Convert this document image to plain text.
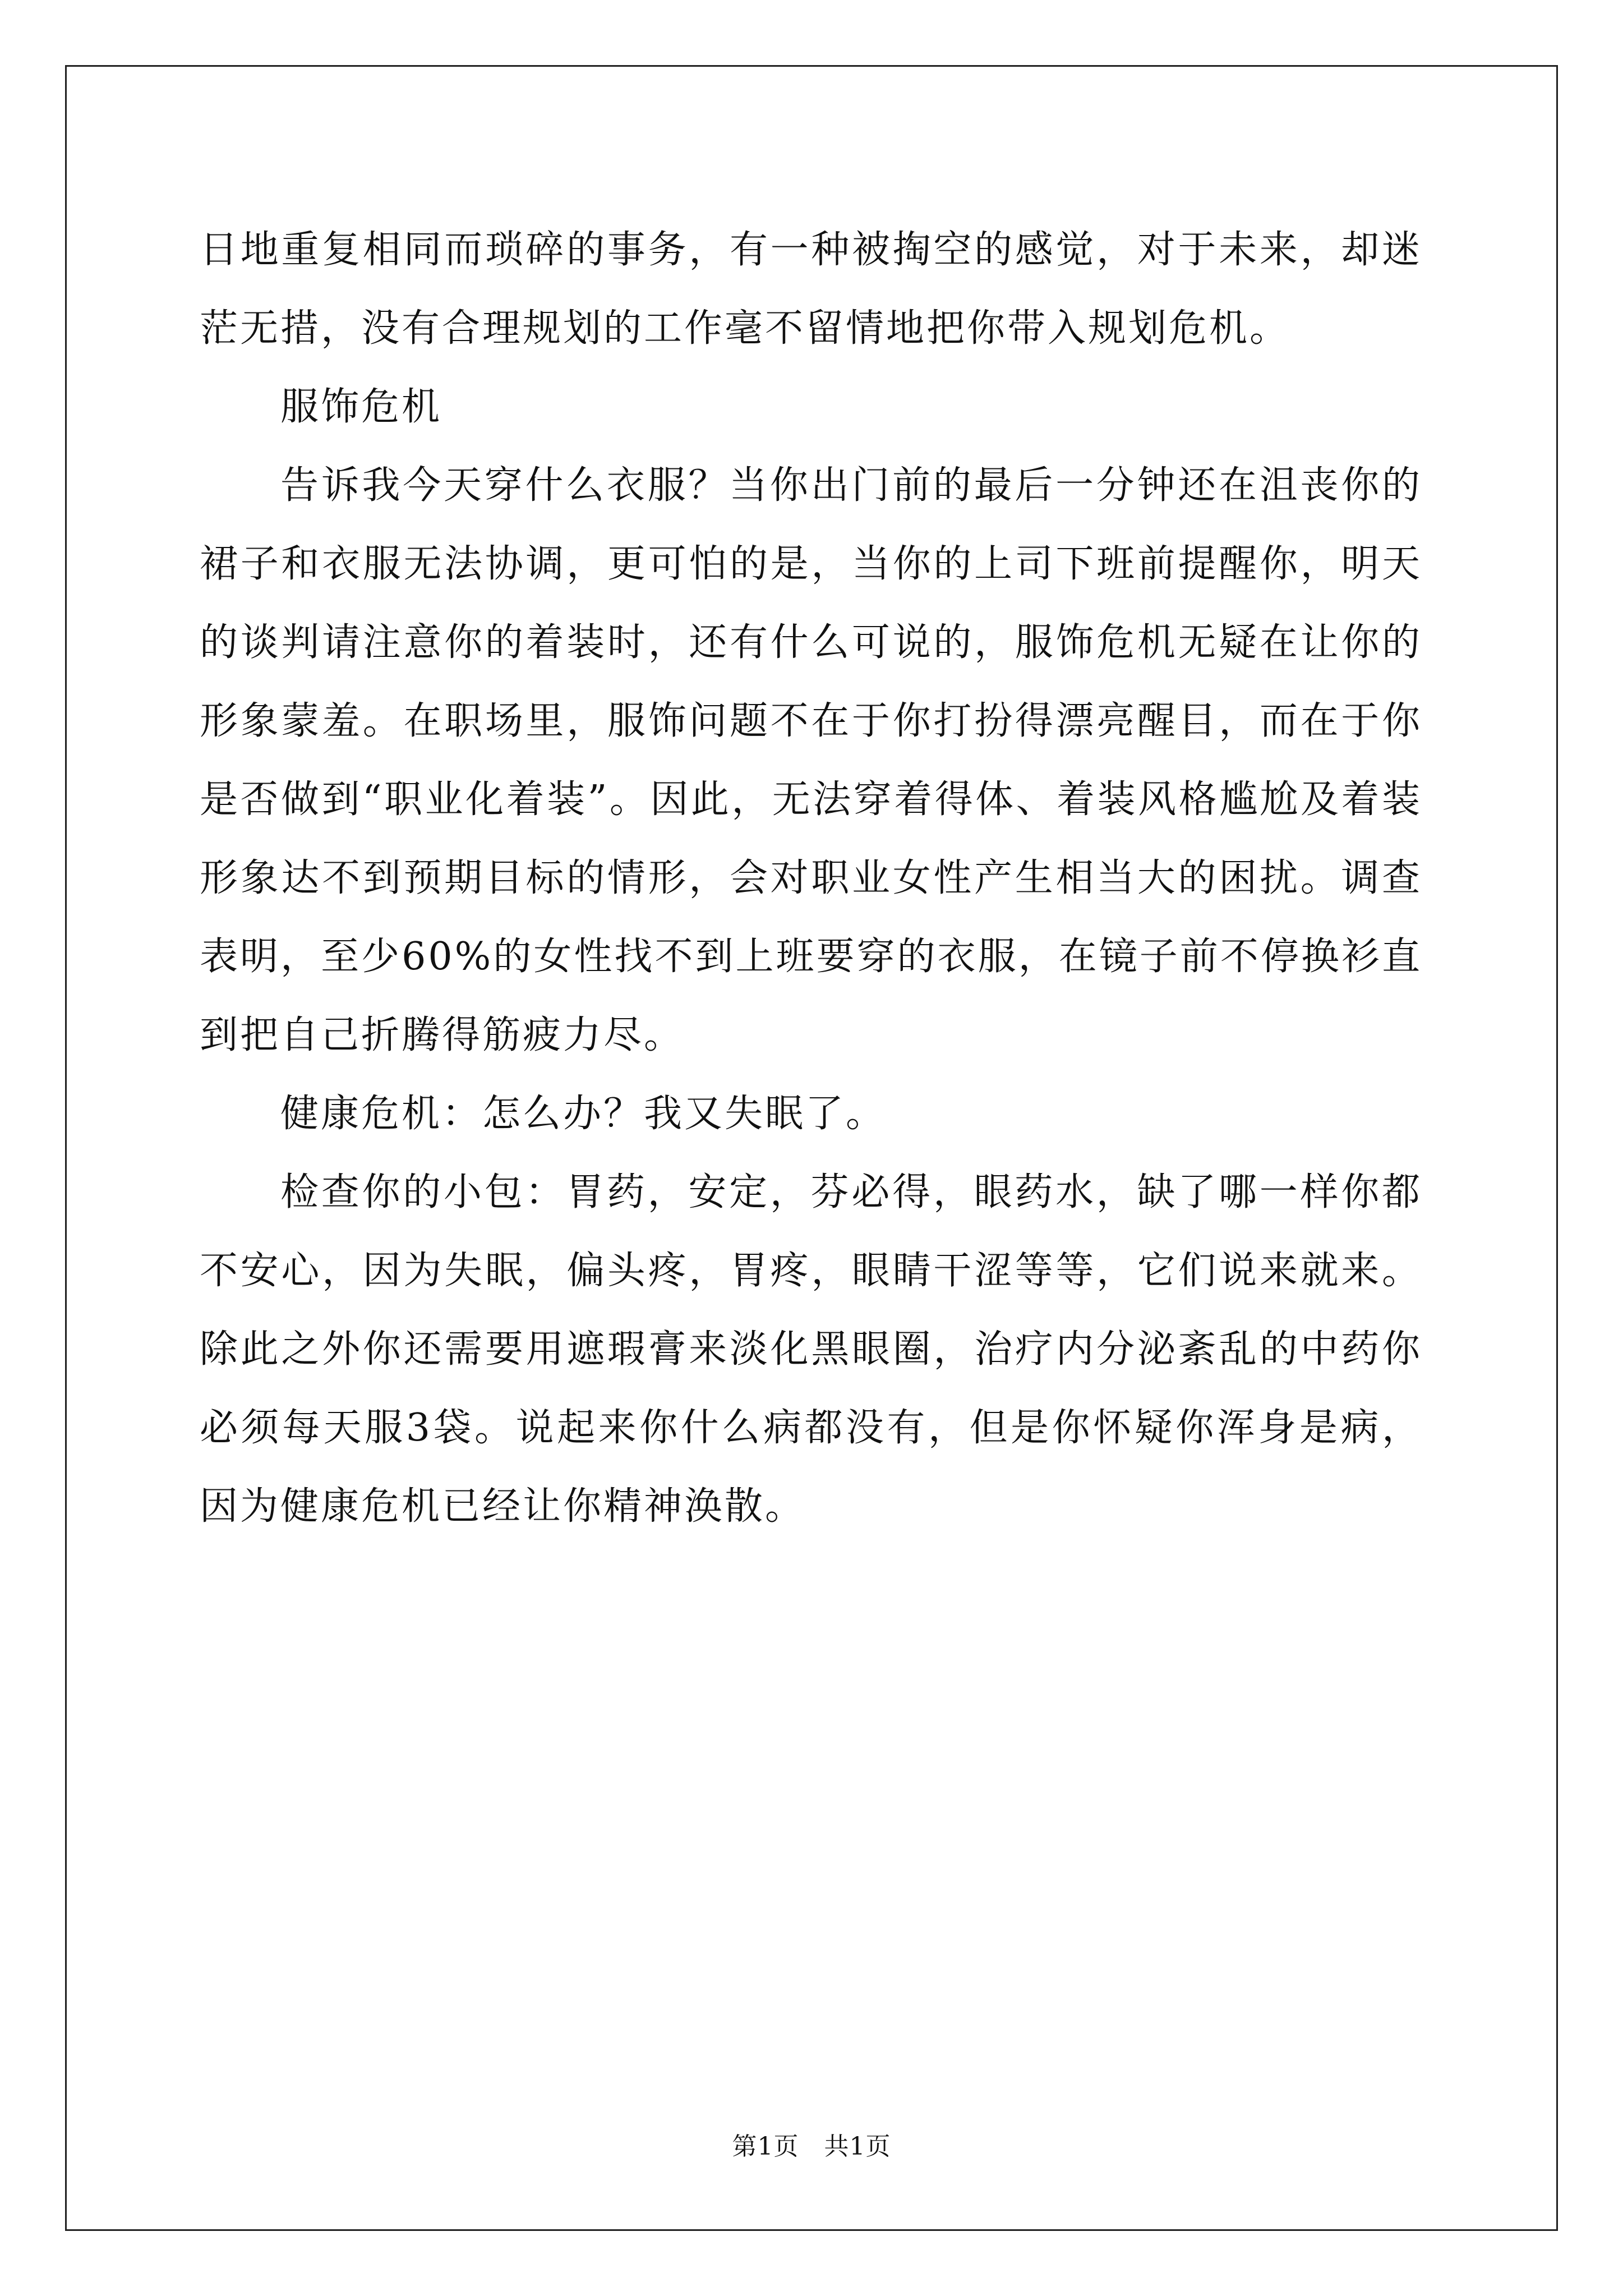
日地重复相同而琐碎的事务，有一种被掏空的感觉，对于未来，却迷茫无措，没有合理规划的工作毫不留情地把你带入规划危机。

服饰危机

告诉我今天穿什么衣服？当你出门前的最后一分钟还在沮丧你的裙子和衣服无法协调，更可怕的是，当你的上司下班前提醒你，明天的谈判请注意你的着装时，还有什么可说的，服饰危机无疑在让你的形象蒙羞。在职场里，服饰问题不在于你打扮得漂亮醒目，而在于你是否做到“职业化着装”。因此，无法穿着得体、着装风格尴尬及着装形象达不到预期目标的情形，会对职业女性产生相当大的困扰。调查表明，至少60%的女性找不到上班要穿的衣服，在镜子前不停换衫直到把自己折腾得筋疲力尽。

健康危机：怎么办？我又失眠了。

检查你的小包：胃药，安定，芬必得，眼药水，缺了哪一样你都不安心，因为失眠，偏头疼，胃疼，眼睛干涩等等，它们说来就来。除此之外你还需要用遮瑕膏来淡化黑眼圈，治疗内分泌紊乱的中药你必须每天服3袋。说起来你什么病都没有，但是你怀疑你浑身是病，因为健康危机已经让你精神涣散。

第1页　共1页
